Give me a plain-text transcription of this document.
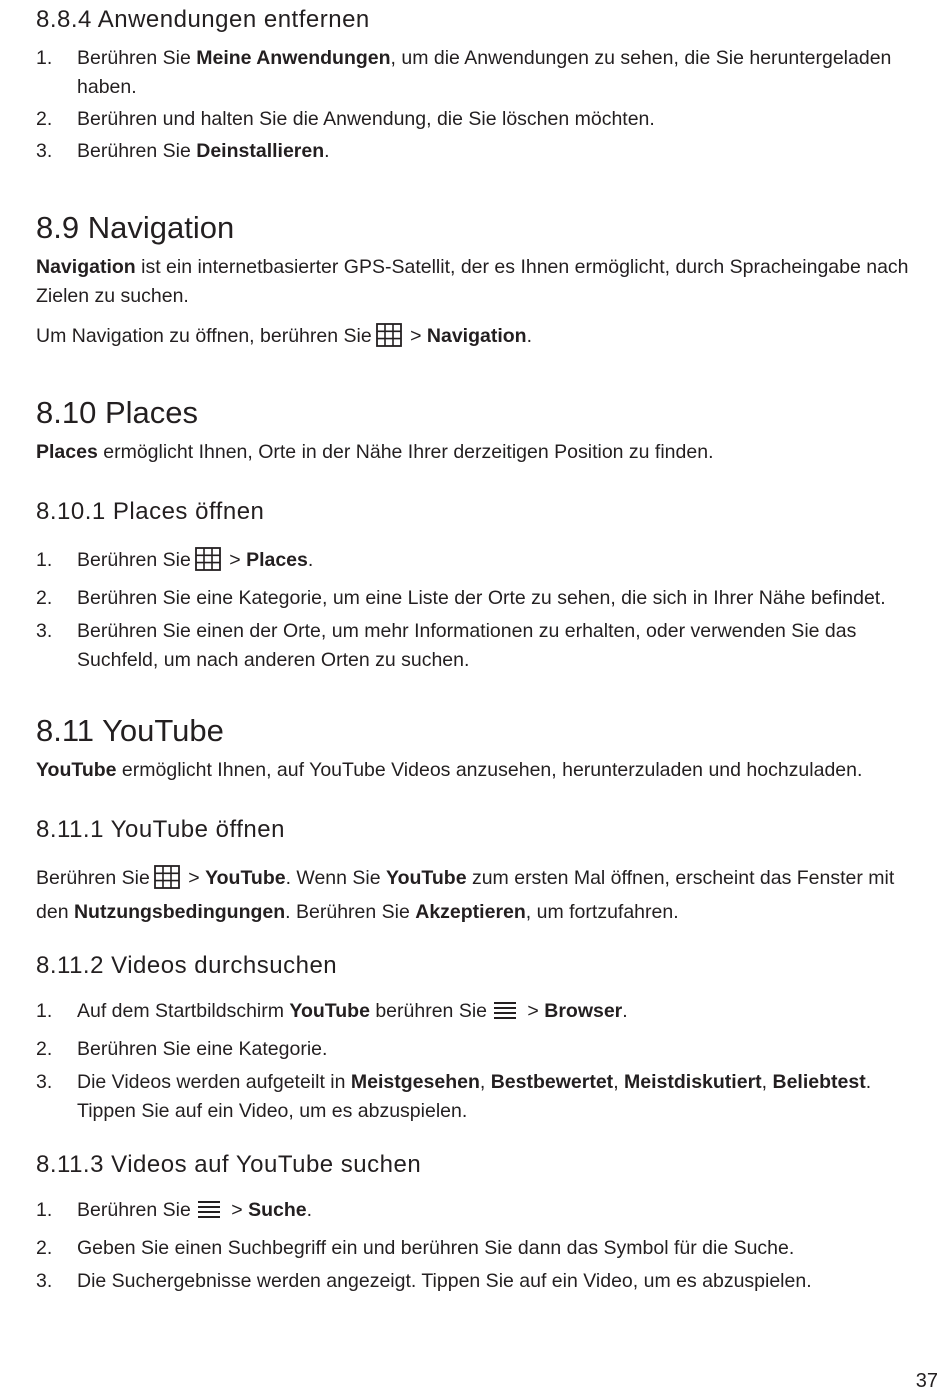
8.8.4 Anwendungen entfernen
1. Berühren Sie Meine Anwendungen, um die Anwendungen zu sehen, die Sie heruntergeladen haben.
2. Berühren und halten Sie die Anwendung, die Sie löschen möchten.
3. Berühren Sie Deinstallieren.
8.9 Navigation

Navigation ist ein internetbasierter GPS-Satellit, der es Ihnen ermöglicht, durch Spracheingabe nach Zielen zu suchen.

Um Navigation zu öffnen, berühren Sie > Navigation.

8.10 Places

Places ermöglicht Ihnen, Orte in der Nähe Ihrer derzeitigen Position zu finden.

8.10.1 Places öffnen
1. Berühren Sie > Places.
2. Berühren Sie eine Kategorie, um eine Liste der Orte zu sehen, die sich in Ihrer Nähe befindet.
3. Berühren Sie einen der Orte, um mehr Informationen zu erhalten, oder verwenden Sie das Suchfeld, um nach anderen Orten zu suchen.
8.11 YouTube

YouTube ermöglicht Ihnen, auf YouTube Videos anzusehen, herunterzuladen und hochzuladen.

8.11.1 YouTube öffnen

Berühren Sie > YouTube. Wenn Sie YouTube zum ersten Mal öffnen, erscheint das Fenster mit den Nutzungsbedingungen. Berühren Sie Akzeptieren, um fortzufahren.

8.11.2 Videos durchsuchen
1. Auf dem Startbildschirm YouTube berühren Sie > Browser.
2. Berühren Sie eine Kategorie.
3. Die Videos werden aufgeteilt in Meistgesehen, Bestbewertet, Meistdiskutiert, Beliebtest. Tippen Sie auf ein Video, um es abzuspielen.
8.11.3 Videos auf YouTube suchen
1. Berühren Sie > Suche.
2. Geben Sie einen Suchbegriff ein und berühren Sie dann das Symbol für die Suche.
3. Die Suchergebnisse werden angezeigt. Tippen Sie auf ein Video, um es abzuspielen.
37
